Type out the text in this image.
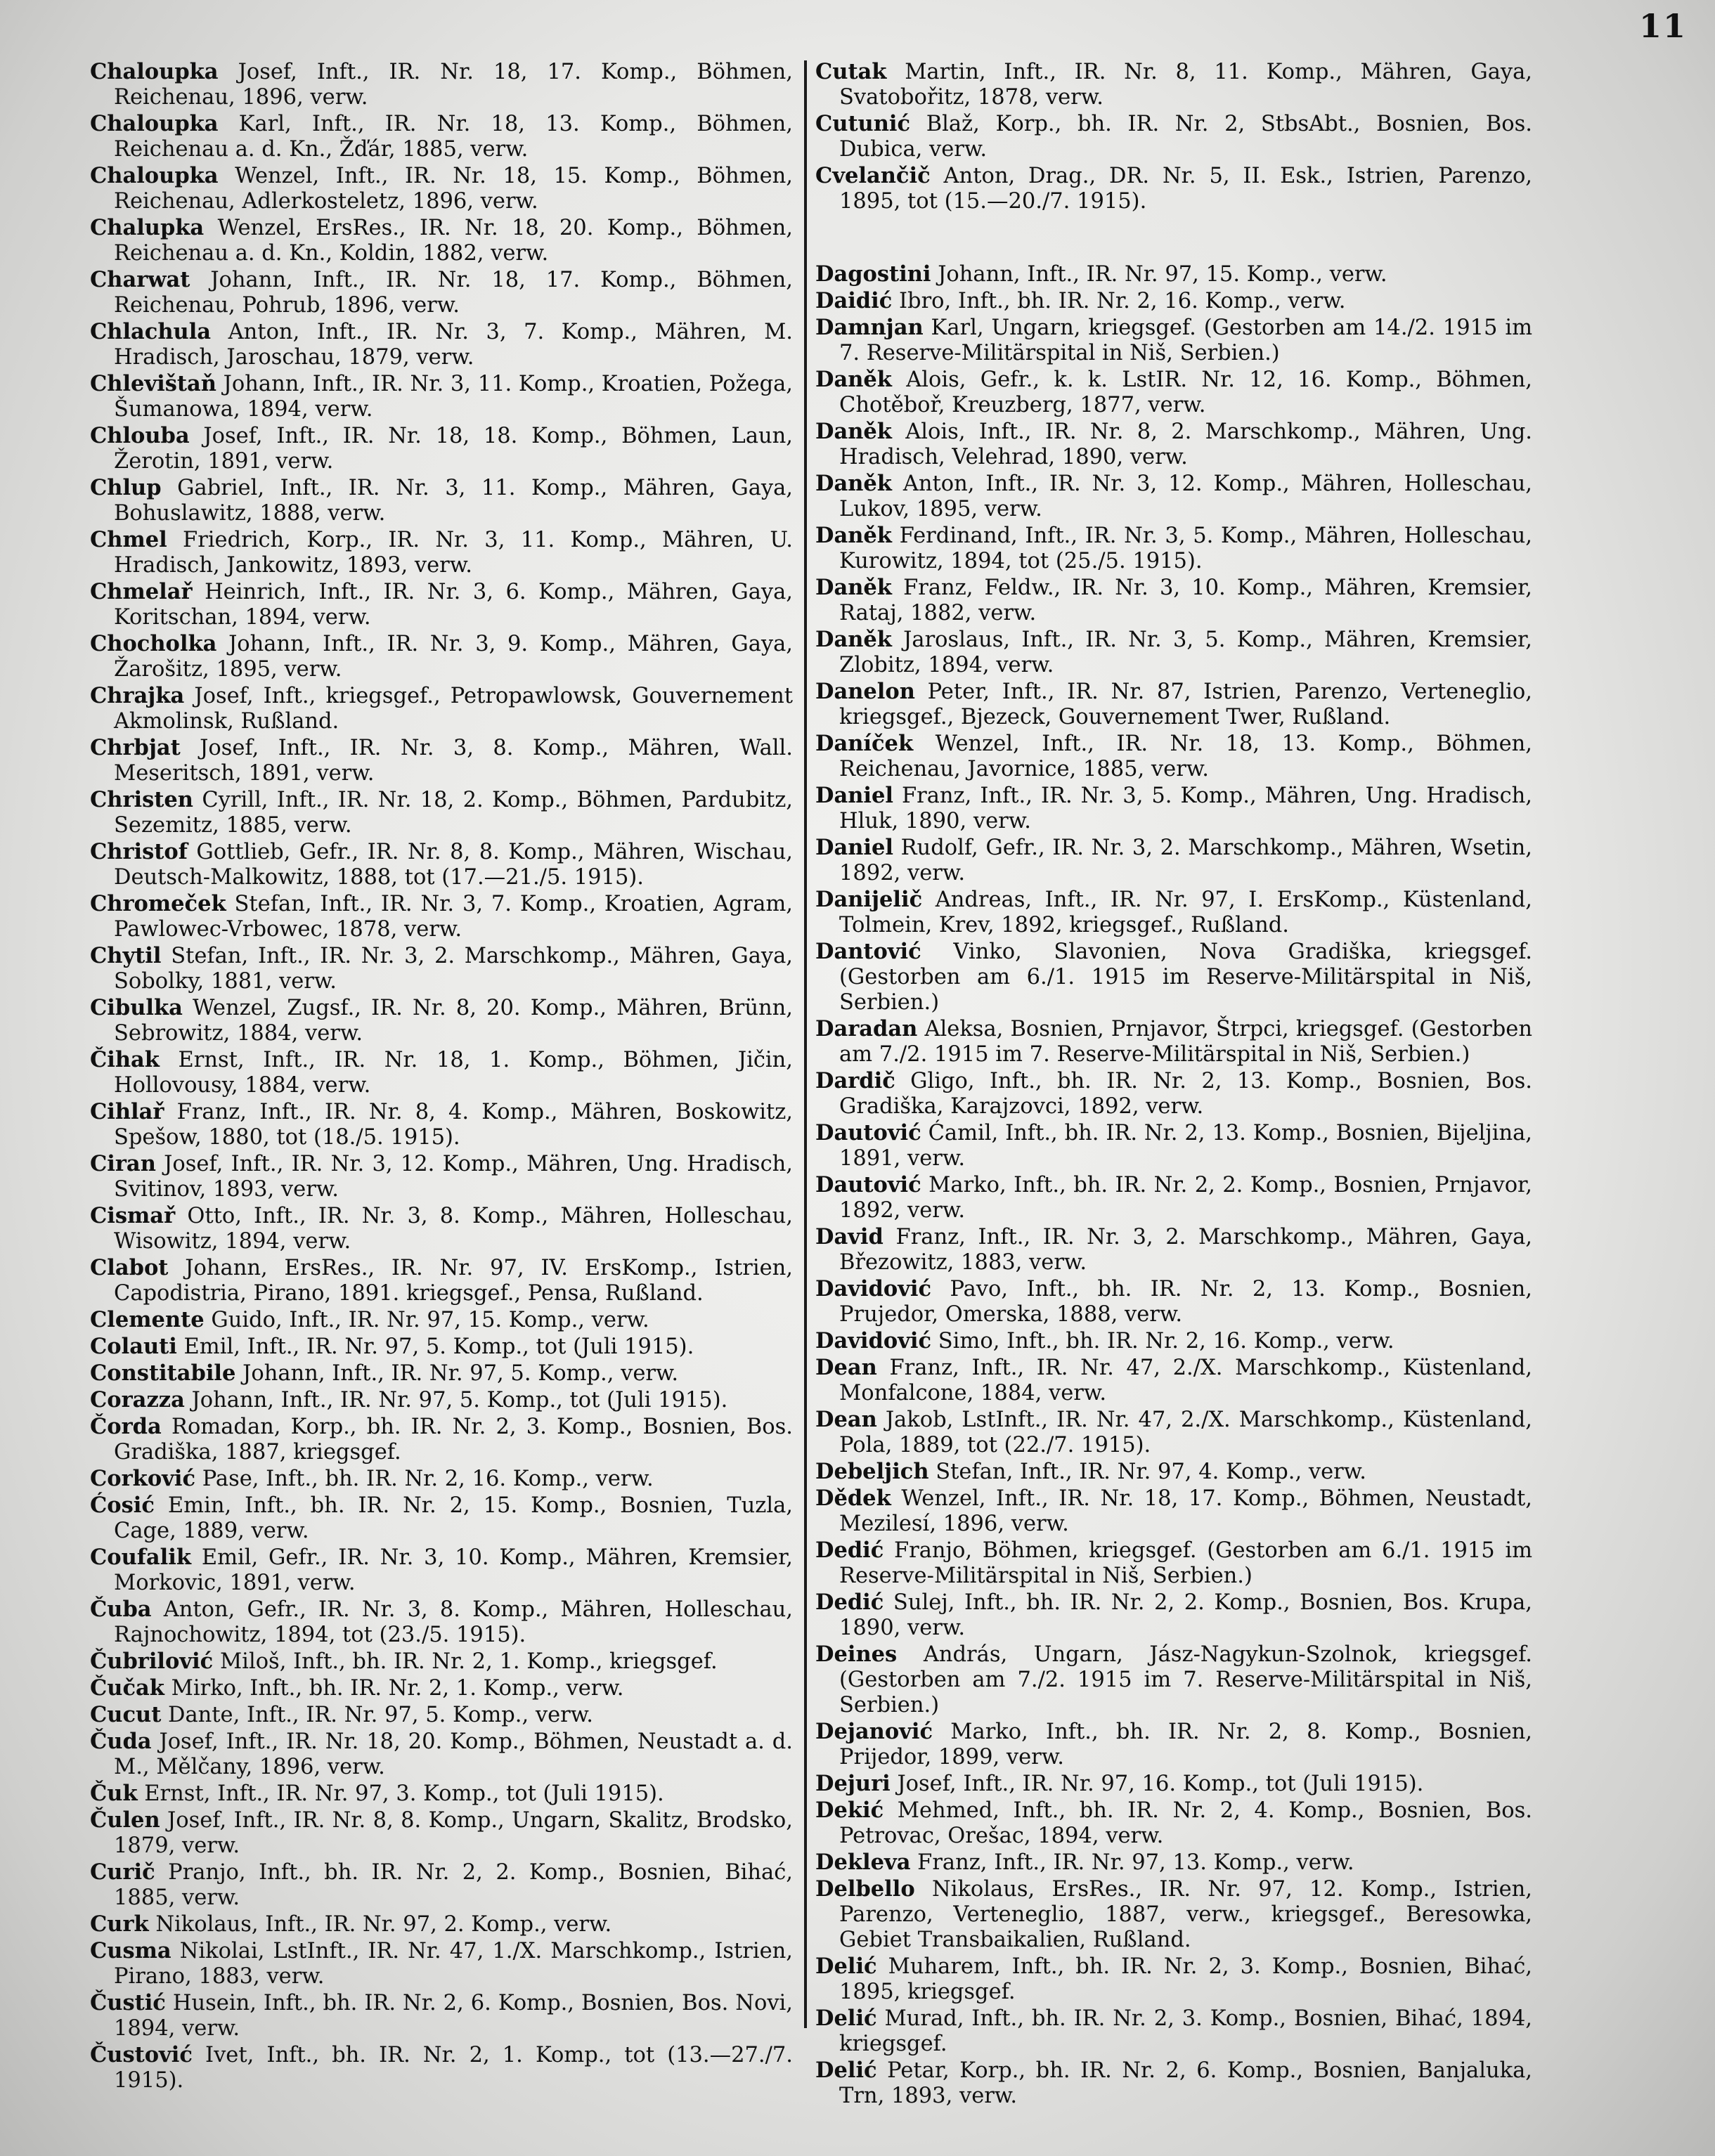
11
Chaloupka Josef, Inft., IR. Nr. 18, 17. Komp., Böhmen, Reichenau, 1896, verw.
Chaloupka Karl, Inft., IR. Nr. 18, 13. Komp., Böhmen, Reichenau a. d. Kn., Žďár, 1885, verw.
Chaloupka Wenzel, Inft., IR. Nr. 18, 15. Komp., Böhmen, Reichenau, Adlerkosteletz, 1896, verw.
Chalupka Wenzel, ErsRes., IR. Nr. 18, 20. Komp., Böhmen, Reichenau a. d. Kn., Koldin, 1882, verw.
Charwat Johann, Inft., IR. Nr. 18, 17. Komp., Böhmen, Reichenau, Pohrub, 1896, verw.
Chlachula Anton, Inft., IR. Nr. 3, 7. Komp., Mähren, M. Hradisch, Jaroschau, 1879, verw.
Chlevištaň Johann, Inft., IR. Nr. 3, 11. Komp., Kroatien, Požega, Šumanowa, 1894, verw.
Chlouba Josef, Inft., IR. Nr. 18, 18. Komp., Böhmen, Laun, Žerotin, 1891, verw.
Chlup Gabriel, Inft., IR. Nr. 3, 11. Komp., Mähren, Gaya, Bohuslawitz, 1888, verw.
Chmel Friedrich, Korp., IR. Nr. 3, 11. Komp., Mähren, U. Hradisch, Jankowitz, 1893, verw.
Chmelař Heinrich, Inft., IR. Nr. 3, 6. Komp., Mähren, Gaya, Koritschan, 1894, verw.
Chocholka Johann, Inft., IR. Nr. 3, 9. Komp., Mähren, Gaya, Žarošitz, 1895, verw.
Chrajka Josef, Inft., kriegsgef., Petropawlowsk, Gouvernement Akmolinsk, Rußland.
Chrbjat Josef, Inft., IR. Nr. 3, 8. Komp., Mähren, Wall. Meseritsch, 1891, verw.
Christen Cyrill, Inft., IR. Nr. 18, 2. Komp., Böhmen, Pardubitz, Sezemitz, 1885, verw.
Christof Gottlieb, Gefr., IR. Nr. 8, 8. Komp., Mähren, Wischau, Deutsch-Malkowitz, 1888, tot (17.—21./5. 1915).
Chromeček Stefan, Inft., IR. Nr. 3, 7. Komp., Kroatien, Agram, Pawlowec-Vrbowec, 1878, verw.
Chytil Stefan, Inft., IR. Nr. 3, 2. Marschkomp., Mähren, Gaya, Sobolky, 1881, verw.
Cibulka Wenzel, Zugsf., IR. Nr. 8, 20. Komp., Mähren, Brünn, Sebrowitz, 1884, verw.
Čihak Ernst, Inft., IR. Nr. 18, 1. Komp., Böhmen, Jičin, Hollovousy, 1884, verw.
Cihlař Franz, Inft., IR. Nr. 8, 4. Komp., Mähren, Boskowitz, Spešow, 1880, tot (18./5. 1915).
Ciran Josef, Inft., IR. Nr. 3, 12. Komp., Mähren, Ung. Hradisch, Svitinov, 1893, verw.
Cismař Otto, Inft., IR. Nr. 3, 8. Komp., Mähren, Holleschau, Wisowitz, 1894, verw.
Clabot Johann, ErsRes., IR. Nr. 97, IV. ErsKomp., Istrien, Capodistria, Pirano, 1891. kriegsgef., Pensa, Rußland.
Clemente Guido, Inft., IR. Nr. 97, 15. Komp., verw.
Colauti Emil, Inft., IR. Nr. 97, 5. Komp., tot (Juli 1915).
Constitabile Johann, Inft., IR. Nr. 97, 5. Komp., verw.
Corazza Johann, Inft., IR. Nr. 97, 5. Komp., tot (Juli 1915).
Čorda Romadan, Korp., bh. IR. Nr. 2, 3. Komp., Bosnien, Bos. Gradiška, 1887, kriegsgef.
Corković Pase, Inft., bh. IR. Nr. 2, 16. Komp., verw.
Ćosić Emin, Inft., bh. IR. Nr. 2, 15. Komp., Bosnien, Tuzla, Cage, 1889, verw.
Coufalik Emil, Gefr., IR. Nr. 3, 10. Komp., Mähren, Kremsier, Morkovic, 1891, verw.
Čuba Anton, Gefr., IR. Nr. 3, 8. Komp., Mähren, Holleschau, Rajnochowitz, 1894, tot (23./5. 1915).
Čubrilović Miloš, Inft., bh. IR. Nr. 2, 1. Komp., kriegsgef.
Čučak Mirko, Inft., bh. IR. Nr. 2, 1. Komp., verw.
Cucut Dante, Inft., IR. Nr. 97, 5. Komp., verw.
Čuda Josef, Inft., IR. Nr. 18, 20. Komp., Böhmen, Neustadt a. d. M., Mělčany, 1896, verw.
Čuk Ernst, Inft., IR. Nr. 97, 3. Komp., tot (Juli 1915).
Čulen Josef, Inft., IR. Nr. 8, 8. Komp., Ungarn, Skalitz, Brodsko, 1879, verw.
Curič Pranjo, Inft., bh. IR. Nr. 2, 2. Komp., Bosnien, Bihać, 1885, verw.
Curk Nikolaus, Inft., IR. Nr. 97, 2. Komp., verw.
Cusma Nikolai, LstInft., IR. Nr. 47, 1./X. Marschkomp., Istrien, Pirano, 1883, verw.
Čustić Husein, Inft., bh. IR. Nr. 2, 6. Komp., Bosnien, Bos. Novi, 1894, verw.
Čustović Ivet, Inft., bh. IR. Nr. 2, 1. Komp., tot (13.—27./7. 1915).
Cutak Martin, Inft., IR. Nr. 8, 11. Komp., Mähren, Gaya, Svatobořitz, 1878, verw.
Cutunić Blaž, Korp., bh. IR. Nr. 2, StbsAbt., Bosnien, Bos. Dubica, verw.
Cvelančič Anton, Drag., DR. Nr. 5, II. Esk., Istrien, Parenzo, 1895, tot (15.—20./7. 1915).
Dagostini Johann, Inft., IR. Nr. 97, 15. Komp., verw.
Daidić Ibro, Inft., bh. IR. Nr. 2, 16. Komp., verw.
Damnjan Karl, Ungarn, kriegsgef. (Gestorben am 14./2. 1915 im 7. Reserve-Militärspital in Niš, Serbien.)
Daněk Alois, Gefr., k. k. LstIR. Nr. 12, 16. Komp., Böhmen, Chotěboř, Kreuzberg, 1877, verw.
Daněk Alois, Inft., IR. Nr. 8, 2. Marschkomp., Mähren, Ung. Hradisch, Velehrad, 1890, verw.
Daněk Anton, Inft., IR. Nr. 3, 12. Komp., Mähren, Holleschau, Lukov, 1895, verw.
Daněk Ferdinand, Inft., IR. Nr. 3, 5. Komp., Mähren, Holleschau, Kurowitz, 1894, tot (25./5. 1915).
Daněk Franz, Feldw., IR. Nr. 3, 10. Komp., Mähren, Kremsier, Rataj, 1882, verw.
Daněk Jaroslaus, Inft., IR. Nr. 3, 5. Komp., Mähren, Kremsier, Zlobitz, 1894, verw.
Danelon Peter, Inft., IR. Nr. 87, Istrien, Parenzo, Verteneglio, kriegsgef., Bjezeck, Gouvernement Twer, Rußland.
Daníček Wenzel, Inft., IR. Nr. 18, 13. Komp., Böhmen, Reichenau, Javornice, 1885, verw.
Daniel Franz, Inft., IR. Nr. 3, 5. Komp., Mähren, Ung. Hradisch, Hluk, 1890, verw.
Daniel Rudolf, Gefr., IR. Nr. 3, 2. Marschkomp., Mähren, Wsetin, 1892, verw.
Danijelič Andreas, Inft., IR. Nr. 97, I. ErsKomp., Küstenland, Tolmein, Krev, 1892, kriegsgef., Rußland.
Dantović Vinko, Slavonien, Nova Gradiška, kriegsgef. (Gestorben am 6./1. 1915 im Reserve-Militärspital in Niš, Serbien.)
Daradan Aleksa, Bosnien, Prnjavor, Štrpci, kriegsgef. (Gestorben am 7./2. 1915 im 7. Reserve-Militärspital in Niš, Serbien.)
Dardič Gligo, Inft., bh. IR. Nr. 2, 13. Komp., Bosnien, Bos. Gradiška, Karajzovci, 1892, verw.
Dautović Ćamil, Inft., bh. IR. Nr. 2, 13. Komp., Bosnien, Bijeljina, 1891, verw.
Dautović Marko, Inft., bh. IR. Nr. 2, 2. Komp., Bosnien, Prnjavor, 1892, verw.
David Franz, Inft., IR. Nr. 3, 2. Marschkomp., Mähren, Gaya, Březowitz, 1883, verw.
Davidović Pavo, Inft., bh. IR. Nr. 2, 13. Komp., Bosnien, Prujedor, Omerska, 1888, verw.
Davidović Simo, Inft., bh. IR. Nr. 2, 16. Komp., verw.
Dean Franz, Inft., IR. Nr. 47, 2./X. Marschkomp., Küstenland, Monfalcone, 1884, verw.
Dean Jakob, LstInft., IR. Nr. 47, 2./X. Marschkomp., Küstenland, Pola, 1889, tot (22./7. 1915).
Debeljich Stefan, Inft., IR. Nr. 97, 4. Komp., verw.
Dědek Wenzel, Inft., IR. Nr. 18, 17. Komp., Böhmen, Neustadt, Mezilesí, 1896, verw.
Dedić Franjo, Böhmen, kriegsgef. (Gestorben am 6./1. 1915 im Reserve-Militärspital in Niš, Serbien.)
Dedić Sulej, Inft., bh. IR. Nr. 2, 2. Komp., Bosnien, Bos. Krupa, 1890, verw.
Deines András, Ungarn, Jász-Nagykun-Szolnok, kriegsgef. (Gestorben am 7./2. 1915 im 7. Reserve-Militärspital in Niš, Serbien.)
Dejanović Marko, Inft., bh. IR. Nr. 2, 8. Komp., Bosnien, Prijedor, 1899, verw.
Dejuri Josef, Inft., IR. Nr. 97, 16. Komp., tot (Juli 1915).
Dekić Mehmed, Inft., bh. IR. Nr. 2, 4. Komp., Bosnien, Bos. Petrovac, Orešac, 1894, verw.
Dekleva Franz, Inft., IR. Nr. 97, 13. Komp., verw.
Delbello Nikolaus, ErsRes., IR. Nr. 97, 12. Komp., Istrien, Parenzo, Verteneglio, 1887, verw., kriegsgef., Beresowka, Gebiet Transbaikalien, Rußland.
Delić Muharem, Inft., bh. IR. Nr. 2, 3. Komp., Bosnien, Bihać, 1895, kriegsgef.
Delić Murad, Inft., bh. IR. Nr. 2, 3. Komp., Bosnien, Bihać, 1894, kriegsgef.
Delić Petar, Korp., bh. IR. Nr. 2, 6. Komp., Bosnien, Banjaluka, Trn, 1893, verw.
